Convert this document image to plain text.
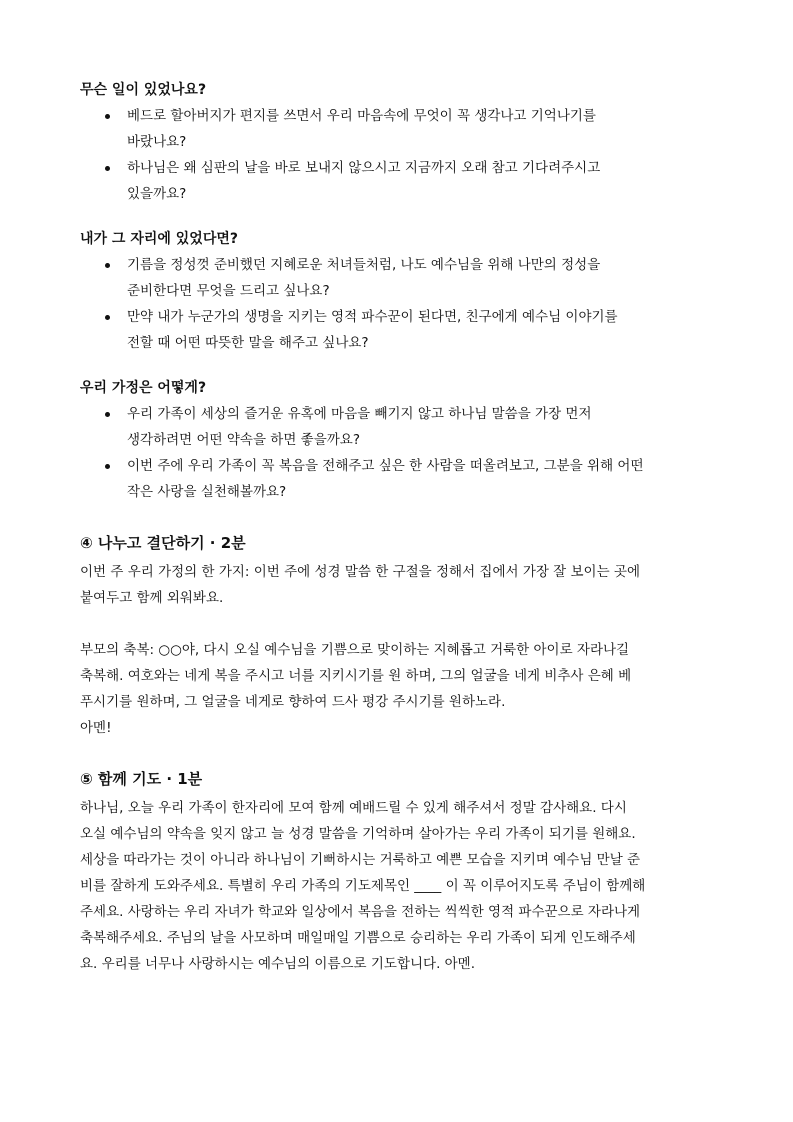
무슨 일이 있었나요?
베드로 할아버지가 편지를 쓰면서 우리 마음속에 무엇이 꼭 생각나고 기억나기를
바랐나요?
하나님은 왜 심판의 날을 바로 보내지 않으시고 지금까지 오래 참고 기다려주시고
있을까요?
내가 그 자리에 있었다면?
기름을 정성껏 준비했던 지혜로운 처녀들처럼, 나도 예수님을 위해 나만의 정성을
준비한다면 무엇을 드리고 싶나요?
만약 내가 누군가의 생명을 지키는 영적 파수꾼이 된다면, 친구에게 예수님 이야기를
전할 때 어떤 따뜻한 말을 해주고 싶나요?
우리 가정은 어떻게?
우리 가족이 세상의 즐거운 유혹에 마음을 빼기지 않고 하나님 말씀을 가장 먼저
생각하려면 어떤 약속을 하면 좋을까요?
이번 주에 우리 가족이 꼭 복음을 전해주고 싶은 한 사람을 떠올려보고, 그분을 위해 어떤
작은 사랑을 실천해볼까요?
④ 나누고 결단하기 · 2분

이번 주 우리 가정의 한 가지: 이번 주에 성경 말씀 한 구절을 정해서 집에서 가장 잘 보이는 곳에
붙여두고 함께 외워봐요.

부모의 축복: ○○야, 다시 오실 예수님을 기쁨으로 맞이하는 지혜롭고 거룩한 아이로 자라나길
축복해. 여호와는 네게 복을 주시고 너를 지키시기를 원 하며, 그의 얼굴을 네게 비추사 은혜 베
푸시기를 원하며, 그 얼굴을 네게로 향하여 드사 평강 주시기를 원하노라.

아멘!

⑤ 함께 기도 · 1분

하나님, 오늘 우리 가족이 한자리에 모여 함께 예배드릴 수 있게 해주셔서 정말 감사해요. 다시
오실 예수님의 약속을 잊지 않고 늘 성경 말씀을 기억하며 살아가는 우리 가족이 되기를 원해요.
세상을 따라가는 것이 아니라 하나님이 기뻐하시는 거룩하고 예쁜 모습을 지키며 예수님 만날 준
비를 잘하게 도와주세요. 특별히 우리 가족의 기도제목인 ____ 이 꼭 이루어지도록 주님이 함께해
주세요. 사랑하는 우리 자녀가 학교와 일상에서 복음을 전하는 씩씩한 영적 파수꾼으로 자라나게
축복해주세요. 주님의 날을 사모하며 매일매일 기쁨으로 승리하는 우리 가족이 되게 인도해주세
요. 우리를 너무나 사랑하시는 예수님의 이름으로 기도합니다. 아멘.
